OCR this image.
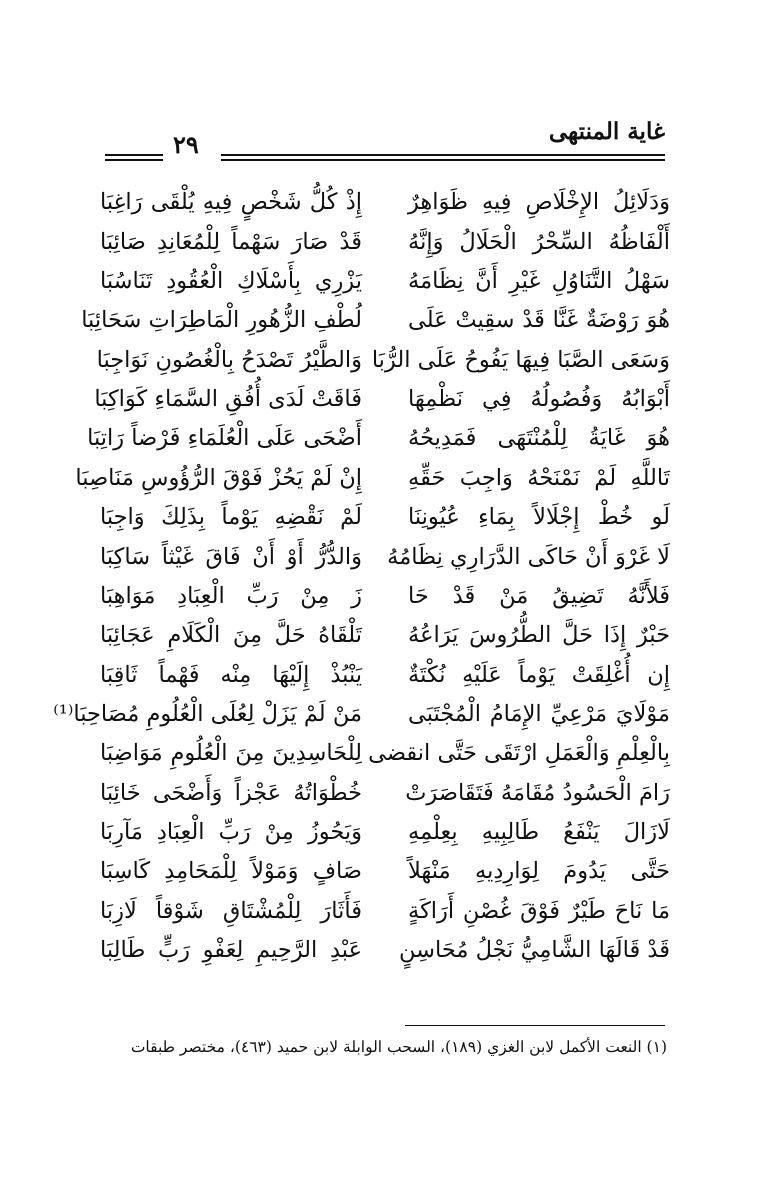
غاية المنتهى
٢٩
وَدَلَائِلُ الإِخْلَاصِ فِيهِ ظَوَاهِرٌ
إِذْ كُلُّ شَخْصٍ فِيهِ يُلْقَى رَاغِبَا
أَلْفَاظُهُ السِّحْرُ الْحَلَالُ وَإِنَّهُ
قَدْ صَارَ سَهْماً لِلْمُعَانِدِ صَائِبَا
سَهْلُ التَّنَاوُلِ غَيْرِ أَنَّ نِظَامَهُ
يَزْرِي بِأَسْلَاكِ الْعُقُودِ تَنَاسُبَا
هُوَ رَوْضَةٌ غَنَّا قَدْ سقِيتْ عَلَى
لُطْفِ الزُّهُورِ الْمَاطِرَاتِ سَحَائِبَا
وَسَعَى الصَّبَا فِيهَا يَفُوحُ عَلَى الرُّبَا
وَالطَّيْرُ تَصْدَحُ بِالْغُصُونِ نَوَاجِبَا
أَبْوَابُهُ وَفُصُولُهُ فِي نَظْمِهَا
فَاقَتْ لَدَى أُفُقِ السَّمَاءِ كَوَاكِبَا
هُوَ غَايَةُ لِلْمُنْتَهَى فَمَدِيحُهُ
أَضْحَى عَلَى الْعُلَمَاءِ فَرْضاً رَاتِبَا
تَاللَّهِ لَمْ نَمْنَحْهُ وَاجِبَ حَقِّهِ
إِنْ لَمْ يَحُزْ فَوْقَ الرُّؤُوسِ مَنَاصِبَا
لَو خُطْ إِجْلَالاً بِمَاءِ عُيُونِنَا
لَمْ نَقْضِهِ يَوْماً بِذَلِكَ وَاجِبَا
لَا غَرْوَ أَنْ حَاكَى الدَّرَارِي نِظَامُهُ
وَالدُّرُّ أَوْ أَنْ فَاقَ غَيْثاً سَاكِبَا
فَلأَنَّهُ تَضِيقُ مَنْ قَدْ حَا
زَ مِنْ رَبِّ الْعِبَادِ مَوَاهِبَا
حَبْرٌ إِذَا حَلَّ الطُّرُوسَ يَرَاعُهُ
تَلْقَاهُ حَلَّ مِنَ الْكَلَامِ عَجَائِبَا
إِن أُغْلِقَتْ يَوْماً عَلَيْهِ نُكْتَةٌ
يَنْبُذْ إِلَيْهَا مِنْه فَهْماً ثَاقِبَا
مَوْلَايَ مَرْعِيِّ الإِمَامُ الْمُجْتَبَى
مَنْ لَمْ يَزَلْ لِعُلَى الْعُلُومِ مُصَاحِبَا⁽¹⁾
بِالْعِلْمِ وَالْعَمَلِ ارْتَقَى حَتَّى انقضى
لِلْحَاسِدِينَ مِنَ الْعُلُومِ مَوَاضِبَا
رَامَ الْحَسُودُ مُقَامَهُ فَتَقَاصَرَتْ
خُطْوَاتُهُ عَجْزاً وَأَضْحَى خَائِبَا
لَازَالَ يَنْفَعُ طَالِبِيهِ بِعِلْمِهِ
وَيَحُوزُ مِنْ رَبِّ الْعِبَادِ مَآرِبَا
حَتَّى يَدُومَ لِوَارِدِيهِ مَنْهَلاً
صَافٍ وَمَوْلاً لِلْمَحَامِدِ كَاسِبَا
مَا نَاحَ طَيْرٌ فَوْقَ غُصْنِ أَرَاكَةٍ
فَأَثَارَ لِلْمُشْتَاقِ شَوْقاً لَازِبَا
قَدْ قَالَهَا الشَّامِيُّ نَجْلُ مُحَاسِنٍ
عَبْدِ الرَّحِيمِ لِعَفْوِ رَبٍّ طَالِبَا
(١) النعت الأكمل لابن الغزي (١٨٩)، السحب الوابلة لابن حميد (٤٦٣)، مختصر طبقات
